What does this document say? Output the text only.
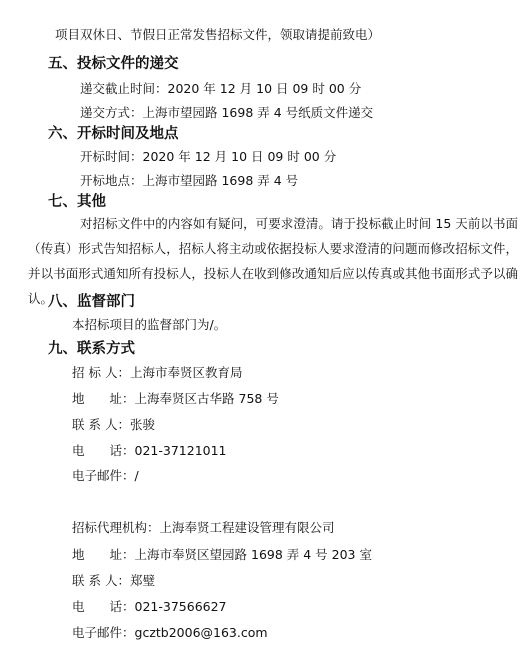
项目双休日、节假日正常发售招标文件，领取请提前致电）
五、投标文件的递交
递交截止时间：2020 年 12 月 10 日 09 时 00 分
递交方式：上海市望园路 1698 弄 4 号纸质文件递交
六、开标时间及地点
开标时间：2020 年 12 月 10 日 09 时 00 分
开标地点：上海市望园路 1698 弄 4 号
七、其他
对招标文件中的内容如有疑问，可要求澄清。请于投标截止时间 15 天前以书面（传真）形式告知招标人，招标人将主动或依据投标人要求澄清的问题而修改招标文件，并以书面形式通知所有投标人，投标人在收到修改通知后应以传真或其他书面形式予以确认。
八、监督部门
本招标项目的监督部门为/。
九、联系方式
招 标 人：上海市奉贤区教育局
地　　址：上海奉贤区古华路 758 号
联 系 人：张骏
电　　话：021-37121011
电子邮件：/
招标代理机构：上海奉贤工程建设管理有限公司
地　　址：上海市奉贤区望园路 1698 弄 4 号 203 室
联 系 人：郑璧
电　　话：021-37566627
电子邮件：gcztb2006@163.com
